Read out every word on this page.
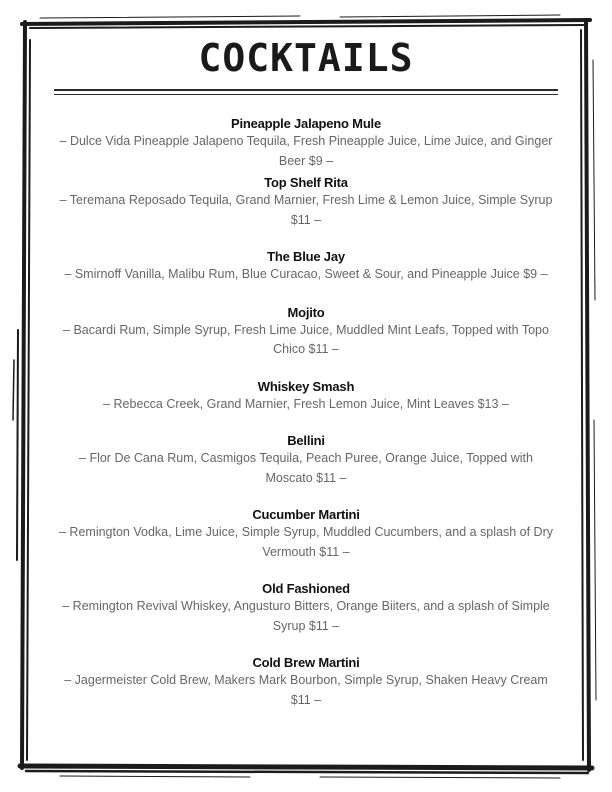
COCKTAILS
Pineapple Jalapeno Mule
– Dulce Vida Pineapple Jalapeno Tequila, Fresh Pineapple Juice, Lime Juice, and Ginger Beer $9 –
Top Shelf Rita
– Teremana Reposado Tequila, Grand Marnier, Fresh Lime & Lemon Juice, Simple Syrup $11 –
The Blue Jay
– Smirnoff Vanilla, Malibu Rum, Blue Curacao, Sweet & Sour, and Pineapple Juice $9 –
Mojito
– Bacardi Rum, Simple Syrup, Fresh Lime Juice, Muddled Mint Leafs, Topped with Topo Chico $11 –
Whiskey Smash
– Rebecca Creek, Grand Marnier, Fresh Lemon Juice, Mint Leaves $13 –
Bellini
– Flor De Cana Rum, Casmigos Tequila, Peach Puree, Orange Juice, Topped with Moscato $11 –
Cucumber Martini
– Remington Vodka, Lime Juice, Simple Syrup, Muddled Cucumbers, and a splash of Dry Vermouth $11 –
Old Fashioned
– Remington Revival Whiskey, Angusturo Bitters, Orange Biiters, and a splash of Simple Syrup $11 –
Cold Brew Martini
– Jagermeister Cold Brew, Makers Mark Bourbon, Simple Syrup, Shaken Heavy Cream $11 –
